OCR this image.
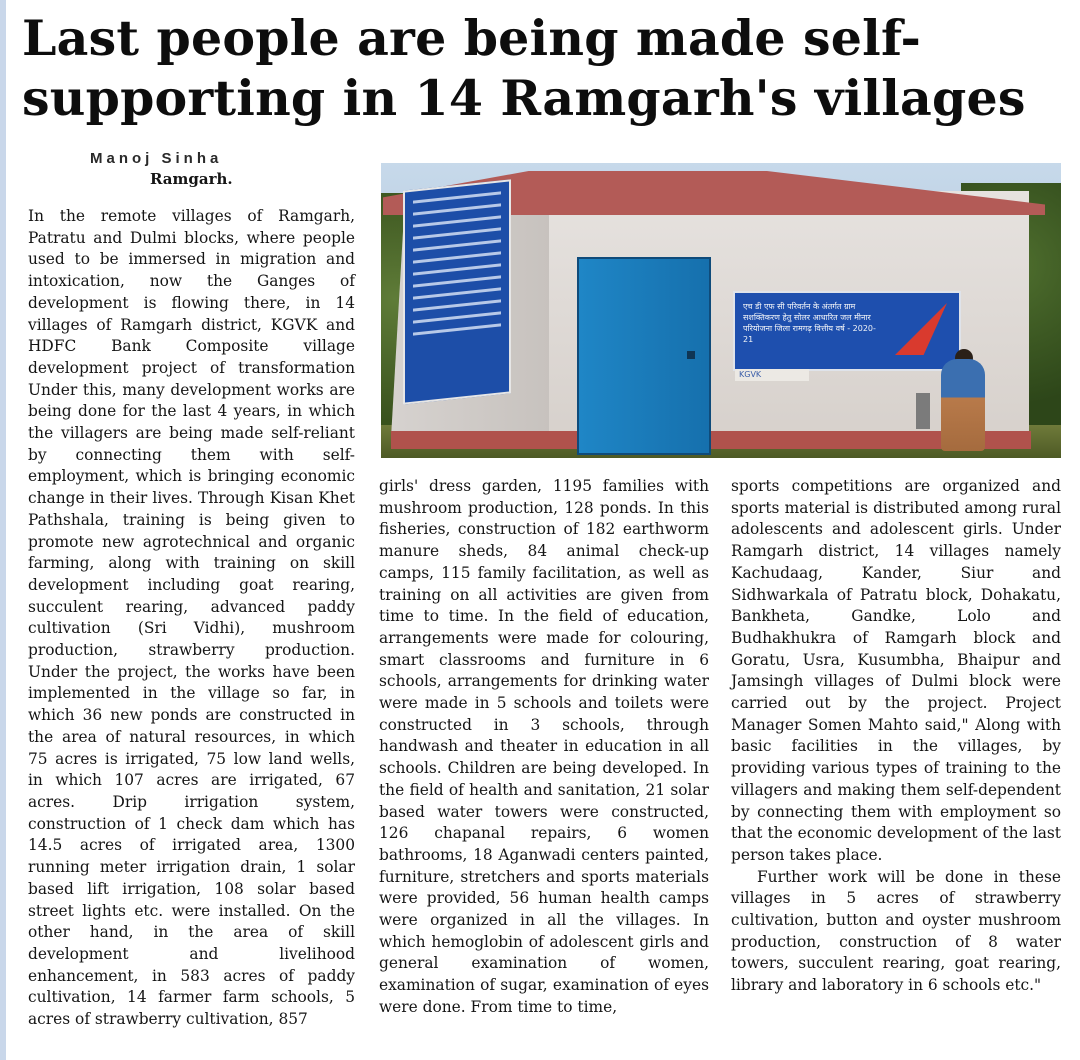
Last people are being made self-
supporting in 14 Ramgarh's villages
Manoj Sinha
Ramgarh.
एच डी एफ सी परिवर्तन के अंतर्गत ग्राम सशक्तिकरण हेतु सोलर आधारित जल मीनार परियोजना जिला रामगढ़ वित्तीय वर्ष - 2020-21
KGVK

In the remote villages of Ramgarh, Patratu and Dulmi blocks, where people used to be immersed in migration and intoxication, now the Ganges of development is flowing there, in 14 villages of Ramgarh district, KGVK and HDFC Bank Composite village development project of transformation Under this, many development works are being done for the last 4 years, in which the villagers are being made self-reliant by connecting them with self-employment, which is bringing economic change in their lives. Through Kisan Khet Pathshala, training is being given to promote new agrotechnical and organic farming, along with training on skill development including goat rearing, succulent rearing, advanced paddy cultivation (Sri Vidhi), mushroom production, strawberry production. Under the project, the works have been implemented in the village so far, in which 36 new ponds are constructed in the area of natural resources, in which 75 acres is irrigated, 75 low land wells, in which 107 acres are irrigated, 67 acres. Drip irrigation system, construction of 1 check dam which has 14.5 acres of irrigated area, 1300 running meter irrigation drain, 1 solar based lift irrigation, 108 solar based street lights etc. were installed. On the other hand, in the area of skill development and livelihood enhancement, in 583 acres of paddy cultivation, 14 farmer farm schools, 5 acres of strawberry cultivation, 857

girls' dress garden, 1195 families with mushroom production, 128 ponds. In this fisheries, construction of 182 earthworm manure sheds, 84 animal check-up camps, 115 family facilitation, as well as training on all activities are given from time to time. In the field of education, arrangements were made for colouring, smart classrooms and furniture in 6 schools, arrangements for drinking water were made in 5 schools and toilets were constructed in 3 schools, through handwash and theater in education in all schools. Children are being developed. In the field of health and sanitation, 21 solar based water towers were constructed, 126 chapanal repairs, 6 women bathrooms, 18 Aganwadi centers painted, furniture, stretchers and sports materials were provided, 56 human health camps were organized in all the villages. In which hemoglobin of adolescent girls and general examination of women, examination of sugar, examination of eyes were done. From time to time,

sports competitions are organized and sports material is distributed among rural adolescents and adolescent girls. Under Ramgarh district, 14 villages namely Kachudaag, Kander, Siur and Sidhwarkala of Patratu block, Dohakatu, Bankheta, Gandke, Lolo and Budhakhukra of Ramgarh block and Goratu, Usra, Kusumbha, Bhaipur and Jamsingh villages of Dulmi block were carried out by the project. Project Manager Somen Mahto said," Along with basic facilities in the villages, by providing various types of training to the villagers and making them self-dependent by connecting them with employment so that the economic development of the last person takes place.

Further work will be done in these villages in 5 acres of strawberry cultivation, button and oyster mushroom production, construction of 8 water towers, succulent rearing, goat rearing, library and laboratory in 6 schools etc."
